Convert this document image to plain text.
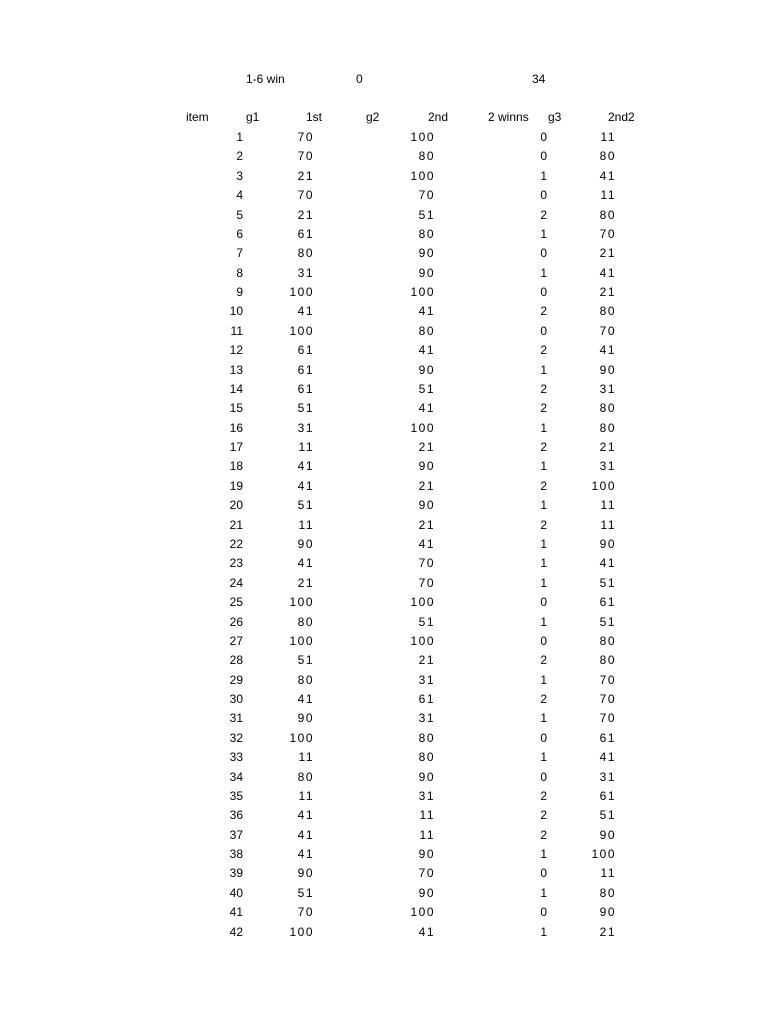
1-6 win	0	34
item	g1	1st	g2	2nd	2 winns g3	2nd2
1	70	100	0	11
2	70	80	0	80
3	21	100	1	41
4	70	70	0	11
5	21	51	2	80
6	61	80	1	70
7	80	90	0	21
8	31	90	1	41
9	100	100	0	21
10	41	41	2	80
11	100	80	0	70
12	61	41	2	41
13	61	90	1	90
14	61	51	2	31
15	51	41	2	80
16	31	100	1	80
17	11	21	2	21
18	41	90	1	31
19	41	21	2	100
20	51	90	1	11
21	11	21	2	11
22	90	41	1	90
23	41	70	1	41
24	21	70	1	51
25	100	100	0	61
26	80	51	1	51
27	100	100	0	80
28	51	21	2	80
29	80	31	1	70
30	41	61	2	70
31	90	31	1	70
32	100	80	0	61
33	11	80	1	41
34	80	90	0	31
35	11	31	2	61
36	41	11	2	51
37	41	11	2	90
38	41	90	1	100
39	90	70	0	11
40	51	90	1	80
41	70	100	0	90
42	100	41	1	21
